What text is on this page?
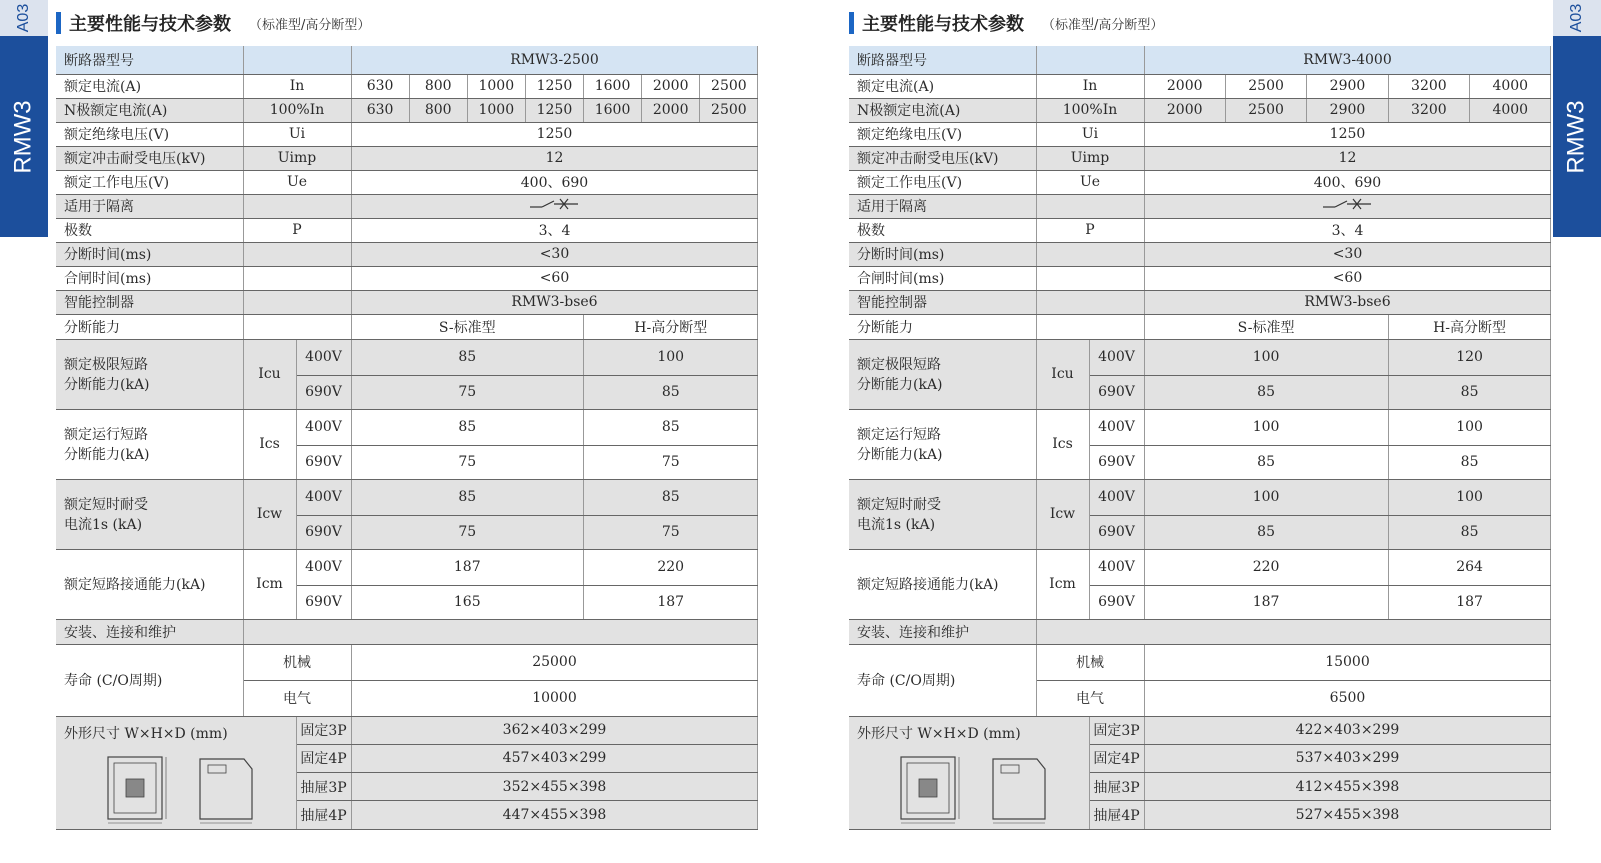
A03
RMW3
A03
RMW3
主要性能与技术参数 （标准型/高分断型）
断路器型号			RMW3-2500						
额定电流(A)	In		630	800	1000	1250	1600	2000	2500
N极额定电流(A)	100%In		630	800	1000	1250	1600	2000	2500
额定绝缘电压(V)	Ui		1250						
额定冲击耐受电压(kV)	Uimp		12						
额定工作电压(V)	Ue		400、690						
适用于隔离		
极数	P		3、4						
分断时间(ms)			<30						
合闸时间(ms)			<60						
智能控制器			RMW3-bse6						
分断能力			S-标准型				H-高分断型		

额定极限短路
分断能力(kA)	Icu	400V	85				100		
		690V	75				85		

额定运行短路
分断能力(kA)	Ics	400V	85				85		
		690V	75				75		

额定短时耐受
电流1s (kA)	Icw	400V	85				85		
		690V	75				75		

额定短路接通能力(kA)	Icm	400V	187				220		
		690V	165				187		
安装、连接和维护									
寿命 (C/O周期)	机械		25000						
	电气		10000						

外形尺寸 W×H×D (mm)		固定3P	362×403×299						
		固定4P	457×403×299						
		抽屉3P	352×455×398						
		抽屉4P	447×455×398						
主要性能与技术参数 （标准型/高分断型）
断路器型号			RMW3-4000				
额定电流(A)	In		2000	2500	2900	3200	4000
N极额定电流(A)	100%In		2000	2500	2900	3200	4000
额定绝缘电压(V)	Ui		1250				
额定冲击耐受电压(kV)	Uimp		12				
额定工作电压(V)	Ue		400、690				
适用于隔离		
极数	P		3、4				
分断时间(ms)			<30				
合闸时间(ms)			<60				
智能控制器			RMW3-bse6				
分断能力			S-标准型			H-高分断型	

额定极限短路
分断能力(kA)	Icu	400V	100			120	
		690V	85			85	

额定运行短路
分断能力(kA)	Ics	400V	100			100	
		690V	85			85	

额定短时耐受
电流1s (kA)	Icw	400V	100			100	
		690V	85			85	

额定短路接通能力(kA)	Icm	400V	220			264	
		690V	187			187	
安装、连接和维护							
寿命 (C/O周期)	机械		15000				
	电气		6500				

外形尺寸 W×H×D (mm)		固定3P	422×403×299				
		固定4P	537×403×299				
		抽屉3P	412×455×398				
		抽屉4P	527×455×398				
